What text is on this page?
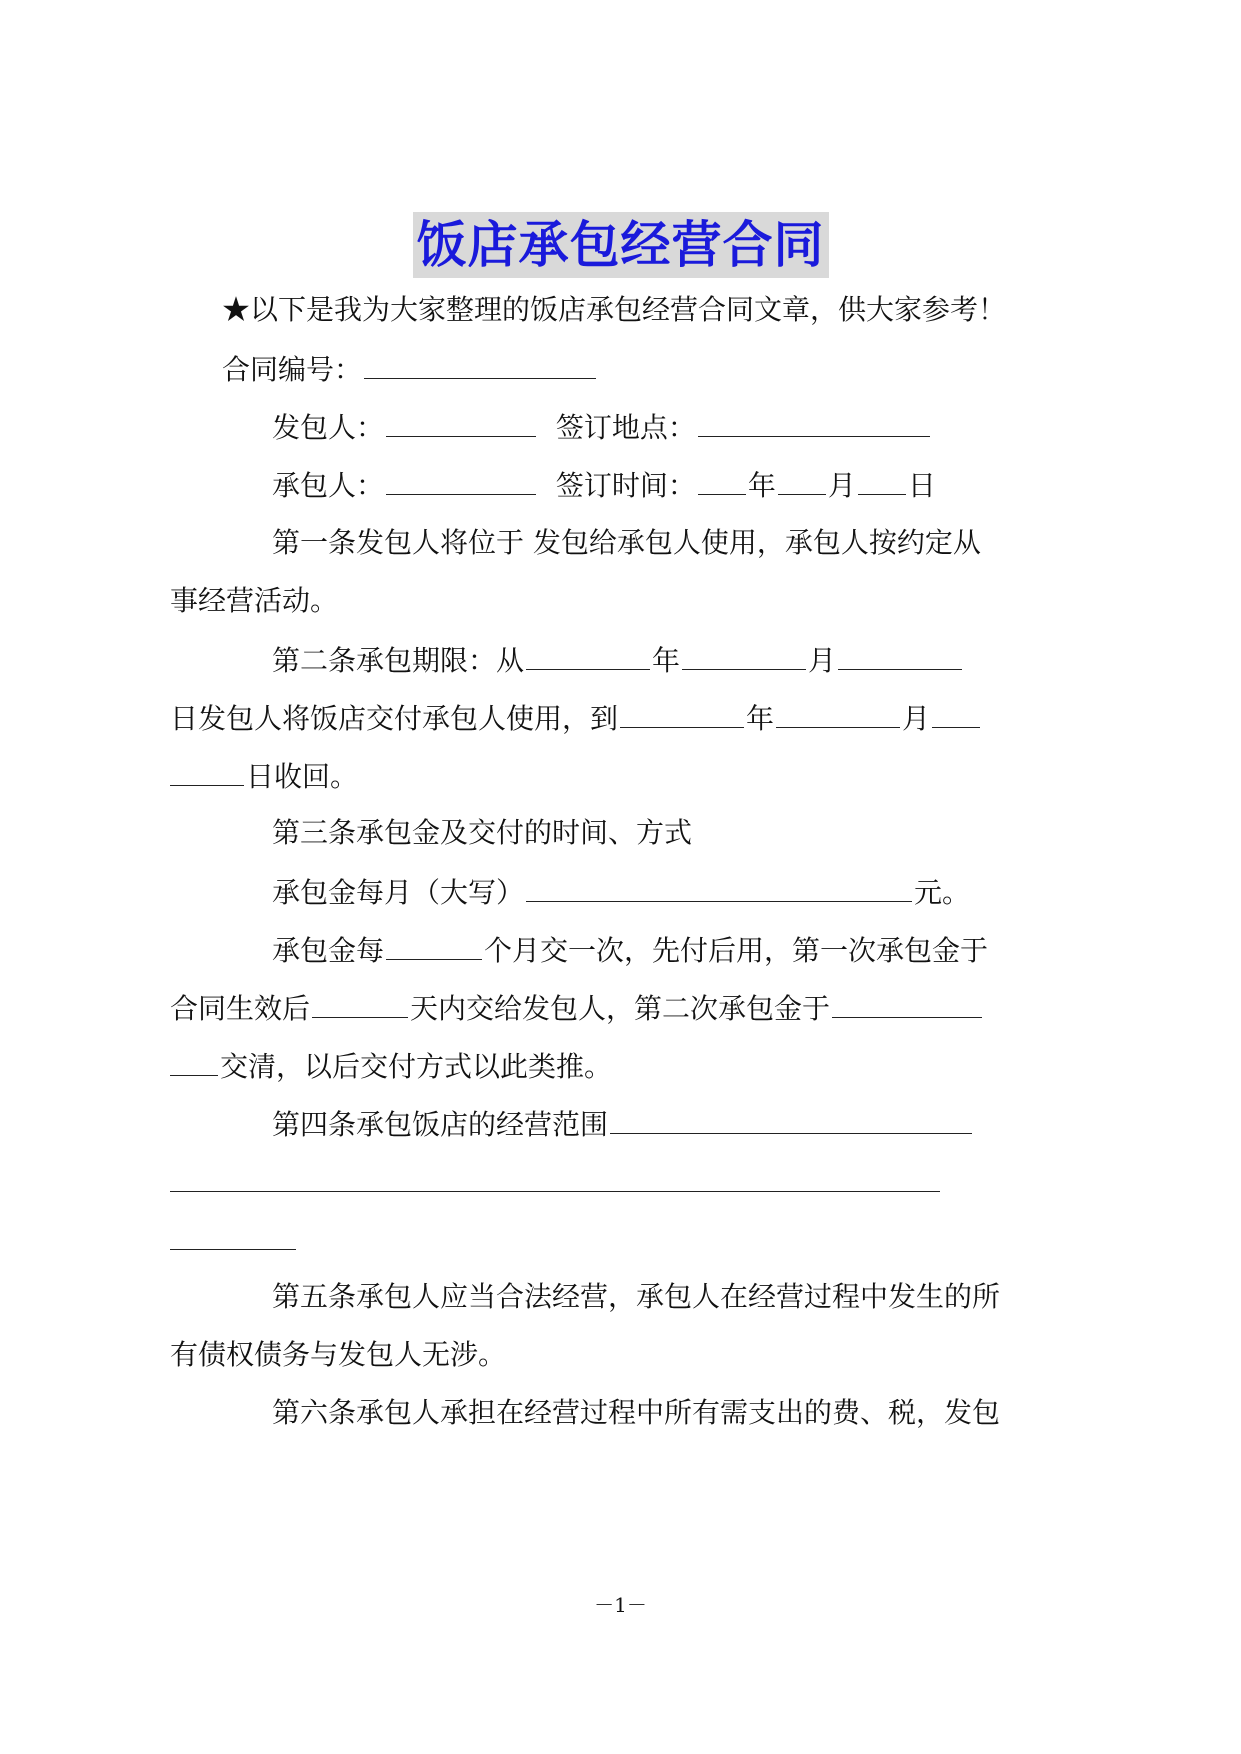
饭店承包经营合同
★以下是我为大家整理的饭店承包经营合同文章，供大家参考！
合同编号：
发包人：	签订地点：
承包人：	签订时间： 年 月 日
第一条发包人将位于 发包给承包人使用，承包人按约定从
事经营活动。
第二条承包期限：从	年	月
日发包人将饭店交付承包人使用，到	年	月
日收回。
第三条承包金及交付的时间、方式
承包金每月（大写）	元。
承包金每	个月交一次，先付后用，第一次承包金于
合同生效后	天内交给发包人，第二次承包金于
交清，以后交付方式以此类推。
第四条承包饭店的经营范围
第五条承包人应当合法经营，承包人在经营过程中发生的所
有债权债务与发包人无涉。
第六条承包人承担在经营过程中所有需支出的费、税，发包
－1－
